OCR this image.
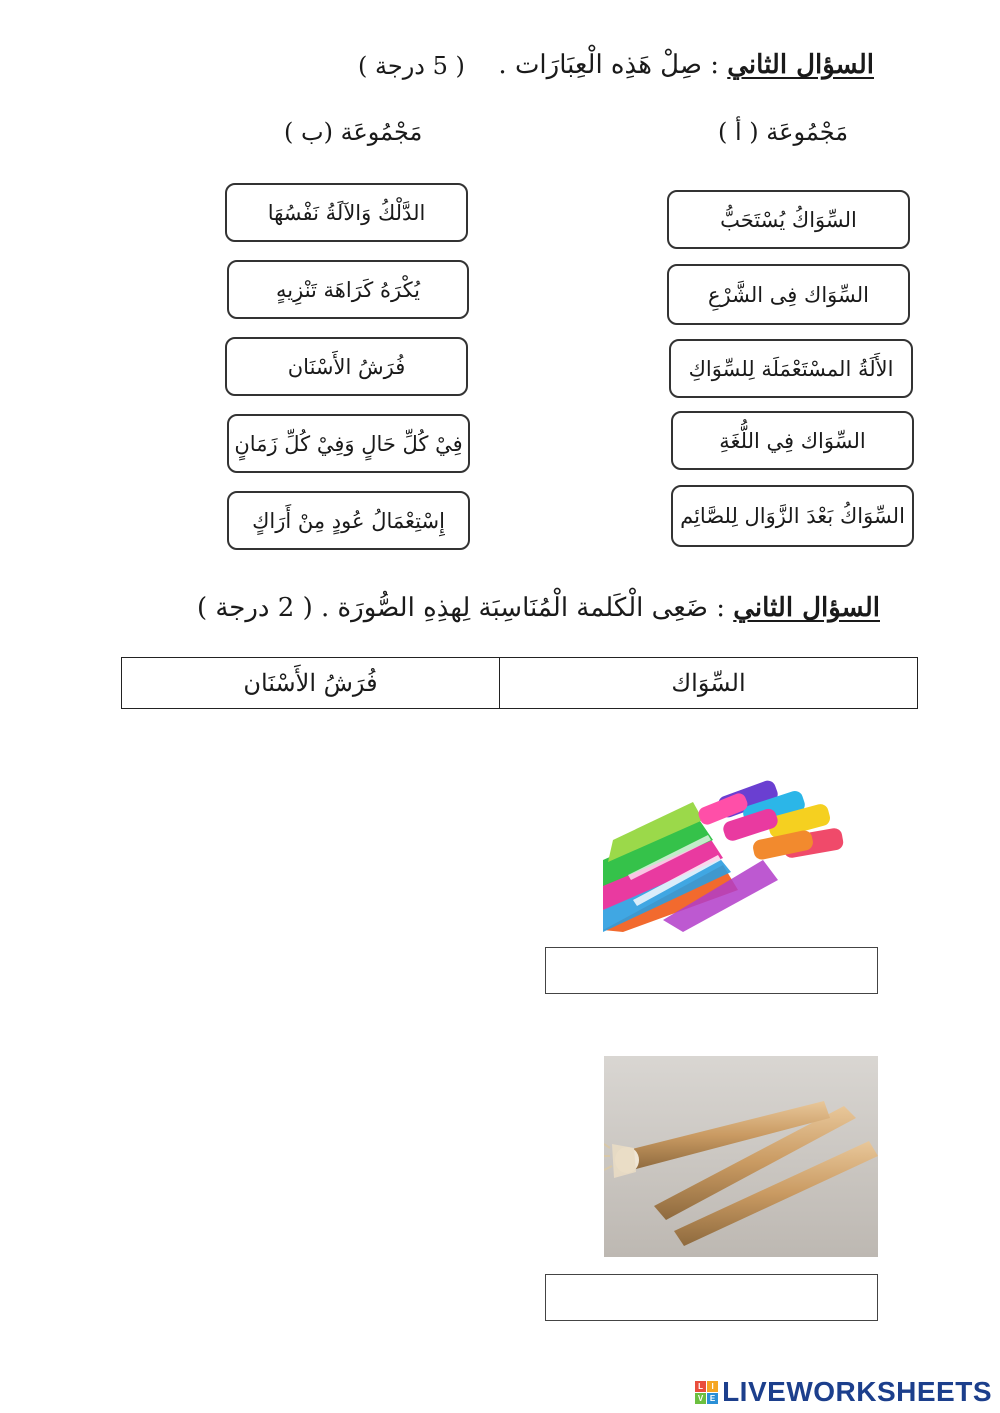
السؤال الثاني : صِلْ هَذِه الْعِبَارَات .
( 5 درجة )
مَجْمُوعَة ( أ )
مَجْمُوعَة (ب )
السِّوَاكُ يُسْتَحَبُّ
السِّوَاك فِى الشَّرْعِ
الأَلَةُ المسْتَعْمَلَة لِلسِّوَاكِ
السِّوَاك فِي اللُّغَةِ
السِّوَاكُ بَعْدَ الزَّوَال لِلصَّائِم
الدَّلْكُ وَالآلَةُ نَفْسُهَا
يُكْرَهُ كَرَاهَة تَنْزِيهٍ
فُرَشُ الأَسْنَان
فِيْ كُلِّ حَالٍ وَفِيْ كُلِّ زَمَانٍ
إِسْتِعْمَالُ عُودٍ مِنْ أَرَاكٍ
السؤال الثاني : ضَعِى الْكَلمة الْمُنَاسِبَة لِهذِهِ الصُّورَة . ( 2 درجة )
فُرَشُ الأَسْنَان	السِّوَاك
L	I
V E LIVEWORKSHEETS
